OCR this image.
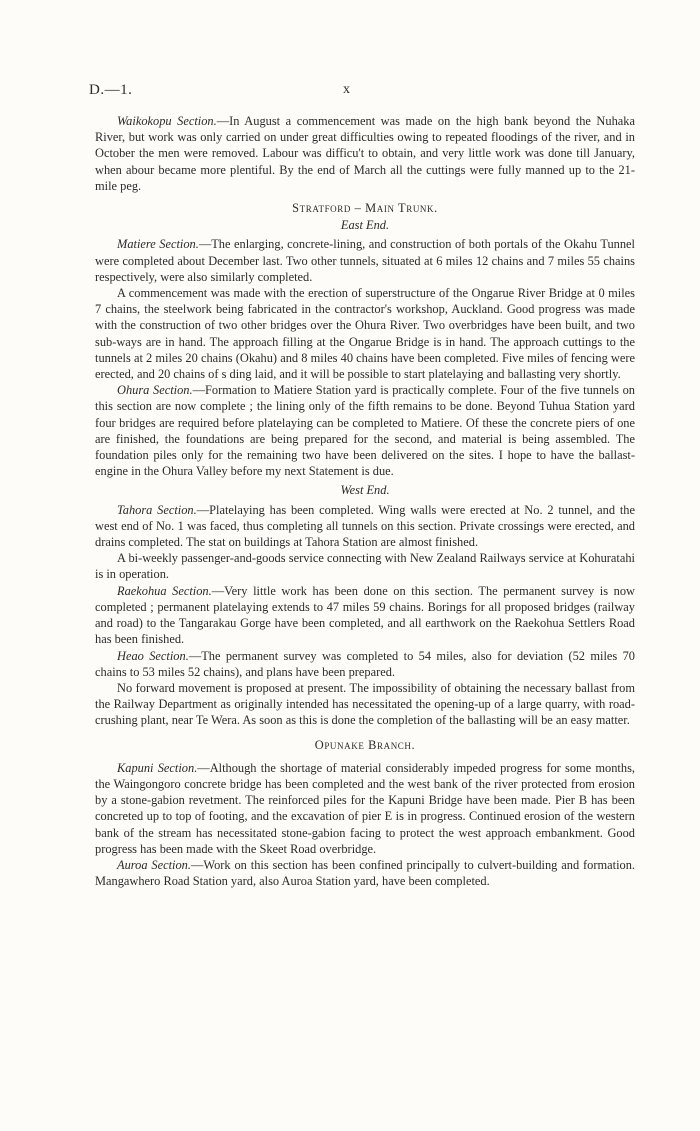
D.—1.	x

Waikokopu Section.—In August a commencement was made on the high bank beyond the Nuhaka River, but work was only carried on under great difficulties owing to repeated floodings of the river, and in October the men were removed. Labour was difficu't to obtain, and very little work was done till January, when abour became more plentiful. By the end of March all the cuttings were fully manned up to the 21-mile peg.

Stratford – Main Trunk.
East End.

Matiere Section.—The enlarging, concrete-lining, and construction of both portals of the Okahu Tunnel were completed about December last. Two other tunnels, situated at 6 miles 12 chains and 7 miles 55 chains respectively, were also similarly completed.

A commencement was made with the erection of superstructure of the Ongarue River Bridge at 0 miles 7 chains, the steelwork being fabricated in the contractor's workshop, Auckland. Good progress was made with the construction of two other bridges over the Ohura River. Two overbridges have been built, and two sub-ways are in hand. The approach filling at the Ongarue Bridge is in hand. The approach cuttings to the tunnels at 2 miles 20 chains (Okahu) and 8 miles 40 chains have been completed. Five miles of fencing were erected, and 20 chains of s ding laid, and it will be possible to start platelaying and ballasting very shortly.

Ohura Section.—Formation to Matiere Station yard is practically complete. Four of the five tunnels on this section are now complete ; the lining only of the fifth remains to be done. Beyond Tuhua Station yard four bridges are required before platelaying can be completed to Matiere. Of these the concrete piers of one are finished, the foundations are being prepared for the second, and material is being assembled. The foundation piles only for the remaining two have been delivered on the sites. I hope to have the ballast-engine in the Ohura Valley before my next Statement is due.

West End.

Tahora Section.—Platelaying has been completed. Wing walls were erected at No. 2 tunnel, and the west end of No. 1 was faced, thus completing all tunnels on this section. Private crossings were erected, and drains completed. The stat on buildings at Tahora Station are almost finished.

A bi-weekly passenger-and-goods service connecting with New Zealand Railways service at Kohuratahi is in operation.

Raekohua Section.—Very little work has been done on this section. The permanent survey is now completed ; permanent platelaying extends to 47 miles 59 chains. Borings for all proposed bridges (railway and road) to the Tangarakau Gorge have been completed, and all earthwork on the Raekohua Settlers Road has been finished.

Heao Section.—The permanent survey was completed to 54 miles, also for deviation (52 miles 70 chains to 53 miles 52 chains), and plans have been prepared.

No forward movement is proposed at present. The impossibility of obtaining the necessary ballast from the Railway Department as originally intended has necessitated the opening-up of a large quarry, with road-crushing plant, near Te Wera. As soon as this is done the completion of the ballasting will be an easy matter.

Opunake Branch.

Kapuni Section.—Although the shortage of material considerably impeded progress for some months, the Waingongoro concrete bridge has been completed and the west bank of the river protected from erosion by a stone-gabion revetment. The reinforced piles for the Kapuni Bridge have been made. Pier B has been concreted up to top of footing, and the excavation of pier E is in progress. Continued erosion of the western bank of the stream has necessitated stone-gabion facing to protect the west approach embankment. Good progress has been made with the Skeet Road overbridge.

Auroa Section.—Work on this section has been confined principally to culvert-building and formation. Mangawhero Road Station yard, also Auroa Station yard, have been completed.
